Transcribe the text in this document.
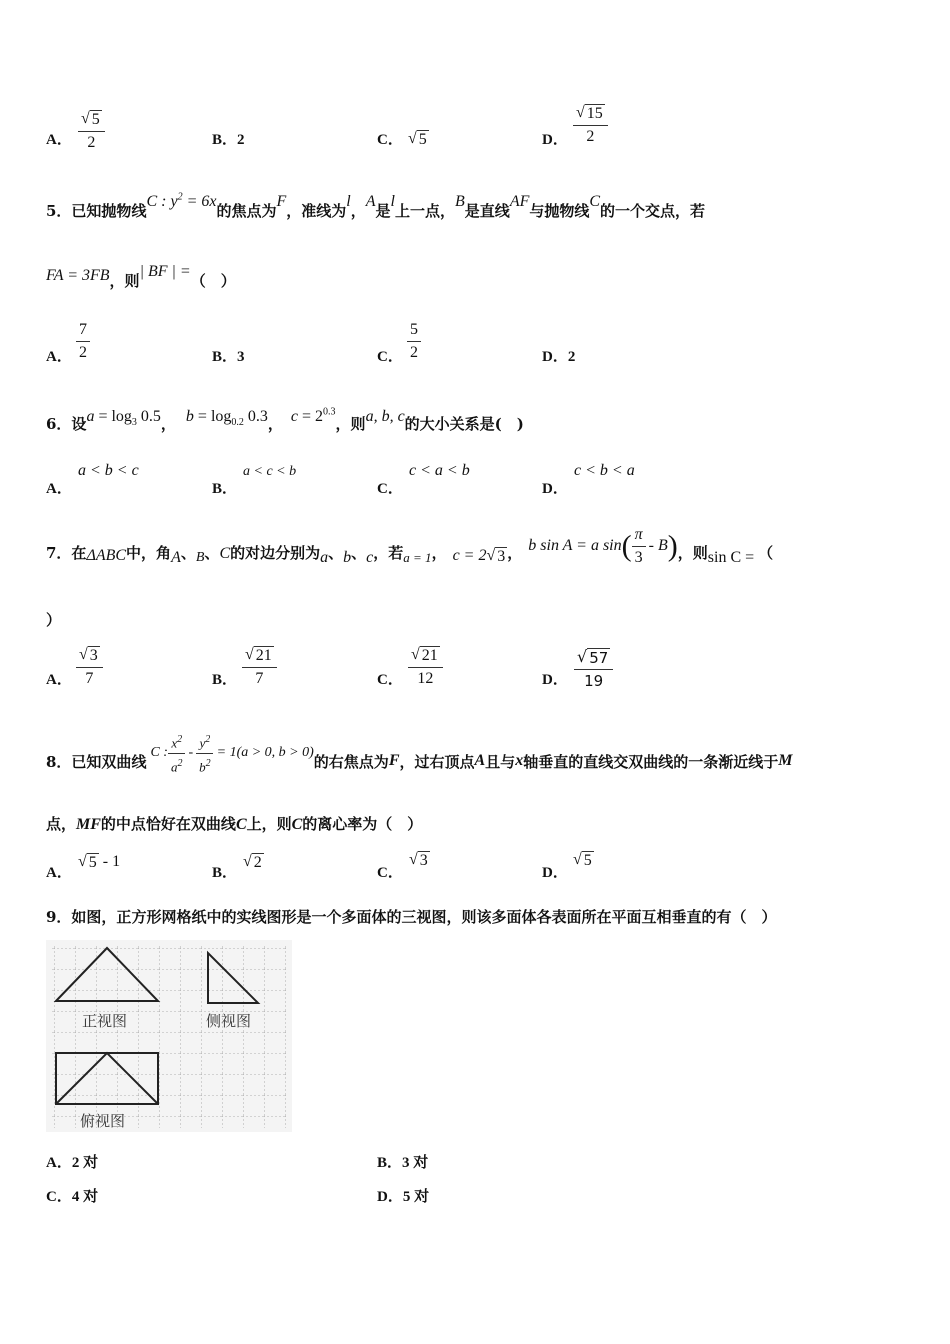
A． $\frac{√ 5}{2}$	B．2	C． √ 5	D． $\frac{√ 15}{2}$
5．已知抛物线C : $y^2 = 6x$的焦点为F，准线为l，A是l上一点，B是直线AF与抛物线C的一个交点，若
FA = 3FB，则| BF | =（　）
A． $\frac{7}{2}$	B．3	C． $\frac{5}{2}$	D．2
6．设$a = \log_3 0.5$， $b = \log_{0.2} 0.3$， $c = 2^{0.3}$，则a, b, c的大小关系是(　)
A．
a < b < c
B．
a < c < b
C．
c < a < b
D．
c < b < a
7．在 ΔABC 中，角 A 、 B 、 C 的对边分别为 a 、 b 、 c ，若 a = 1 ， c = 2 √ 3 ， b sin A = a $\sin( \frac{\pi}{3} - B)$ ，则 sin C = （
）
A． $\frac{√ 3}{7}$	B． $\frac{√ 21}{7}$	C． $\frac{√ 21}{12}$	D． $\frac{√ 57}{19}$
8．已知双曲线 C : $\frac{x^2}{a^2} - \frac{y^2}{b^2} = 1(a > 0$, b > 0) 的右焦点为 F ，过右顶点 A 且与 x 轴垂直的直线交双曲线的一条渐近线于 M
点，MF的中点恰好在双曲线C上，则C的离心率为（　）
A．
√ 5 - 1
B．
√ 2
C．
√ 3
D．
√ 5
9．如图，正方形网格纸中的实线图形是一个多面体的三视图，则该多面体各表面所在平面互相垂直的有（　）
正视图	侧视图
俯视图
A．2 对	B．3 对
C．4 对	D．5 对
